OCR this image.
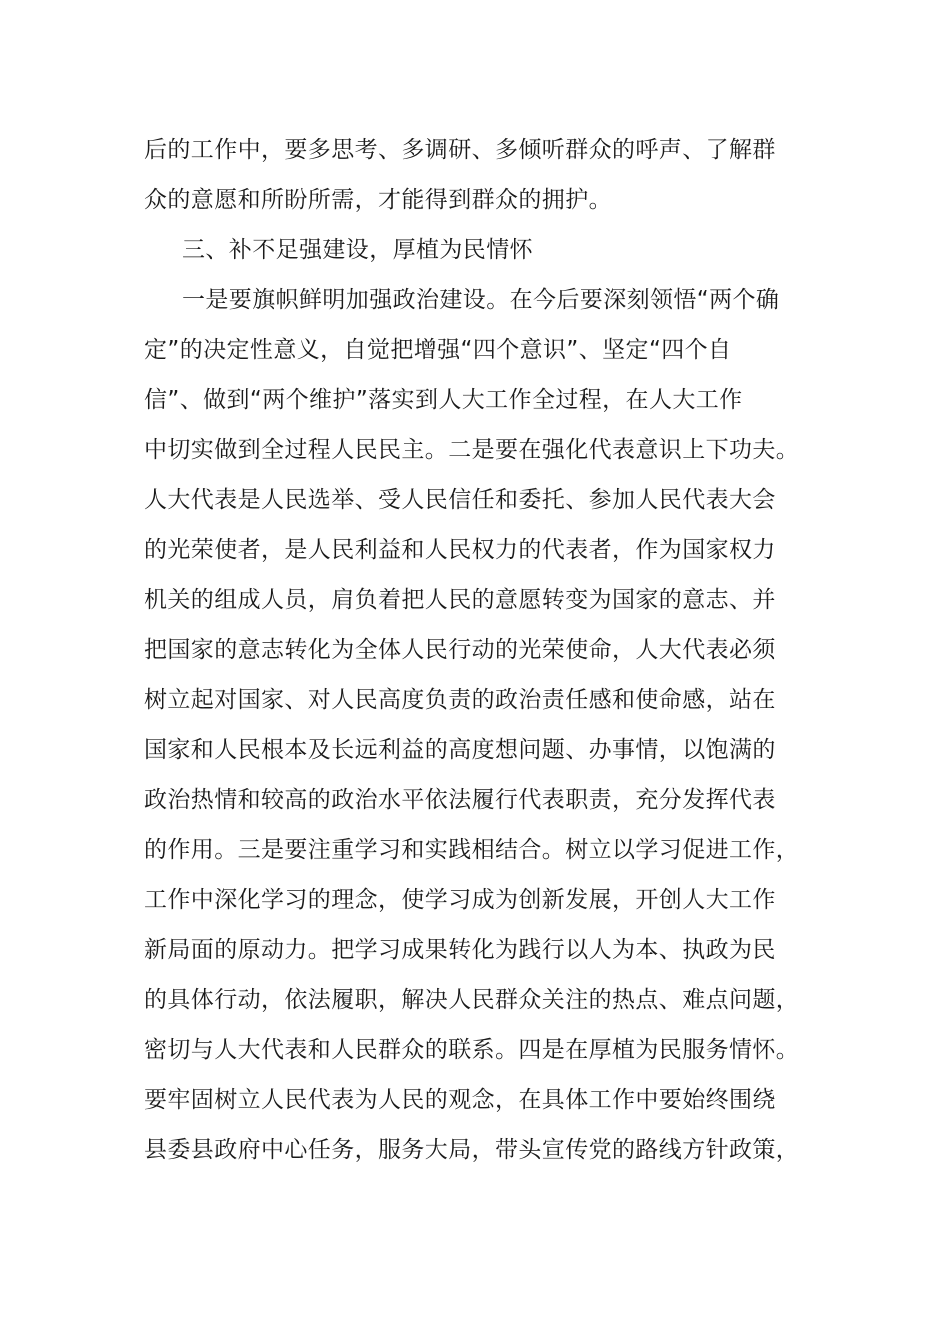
后的工作中，要多思考、多调研、多倾听群众的呼声、了解群
众的意愿和所盼所需，才能得到群众的拥护。
三、补不足强建设，厚植为民情怀
一是要旗帜鲜明加强政治建设。在今后要深刻领悟“两个确
定”的决定性意义，自觉把增强“四个意识”、坚定“四个自
信”、做到“两个维护”落实到人大工作全过程，在人大工作
中切实做到全过程人民民主。二是要在强化代表意识上下功夫。
人大代表是人民选举、受人民信任和委托、参加人民代表大会
的光荣使者，是人民利益和人民权力的代表者，作为国家权力
机关的组成人员，肩负着把人民的意愿转变为国家的意志、并
把国家的意志转化为全体人民行动的光荣使命，人大代表必须
树立起对国家、对人民高度负责的政治责任感和使命感，站在
国家和人民根本及长远利益的高度想问题、办事情，以饱满的
政治热情和较高的政治水平依法履行代表职责，充分发挥代表
的作用。三是要注重学习和实践相结合。树立以学习促进工作，
工作中深化学习的理念，使学习成为创新发展，开创人大工作
新局面的原动力。把学习成果转化为践行以人为本、执政为民
的具体行动，依法履职，解决人民群众关注的热点、难点问题，
密切与人大代表和人民群众的联系。四是在厚植为民服务情怀。
要牢固树立人民代表为人民的观念，在具体工作中要始终围绕
县委县政府中心任务，服务大局，带头宣传党的路线方针政策，
